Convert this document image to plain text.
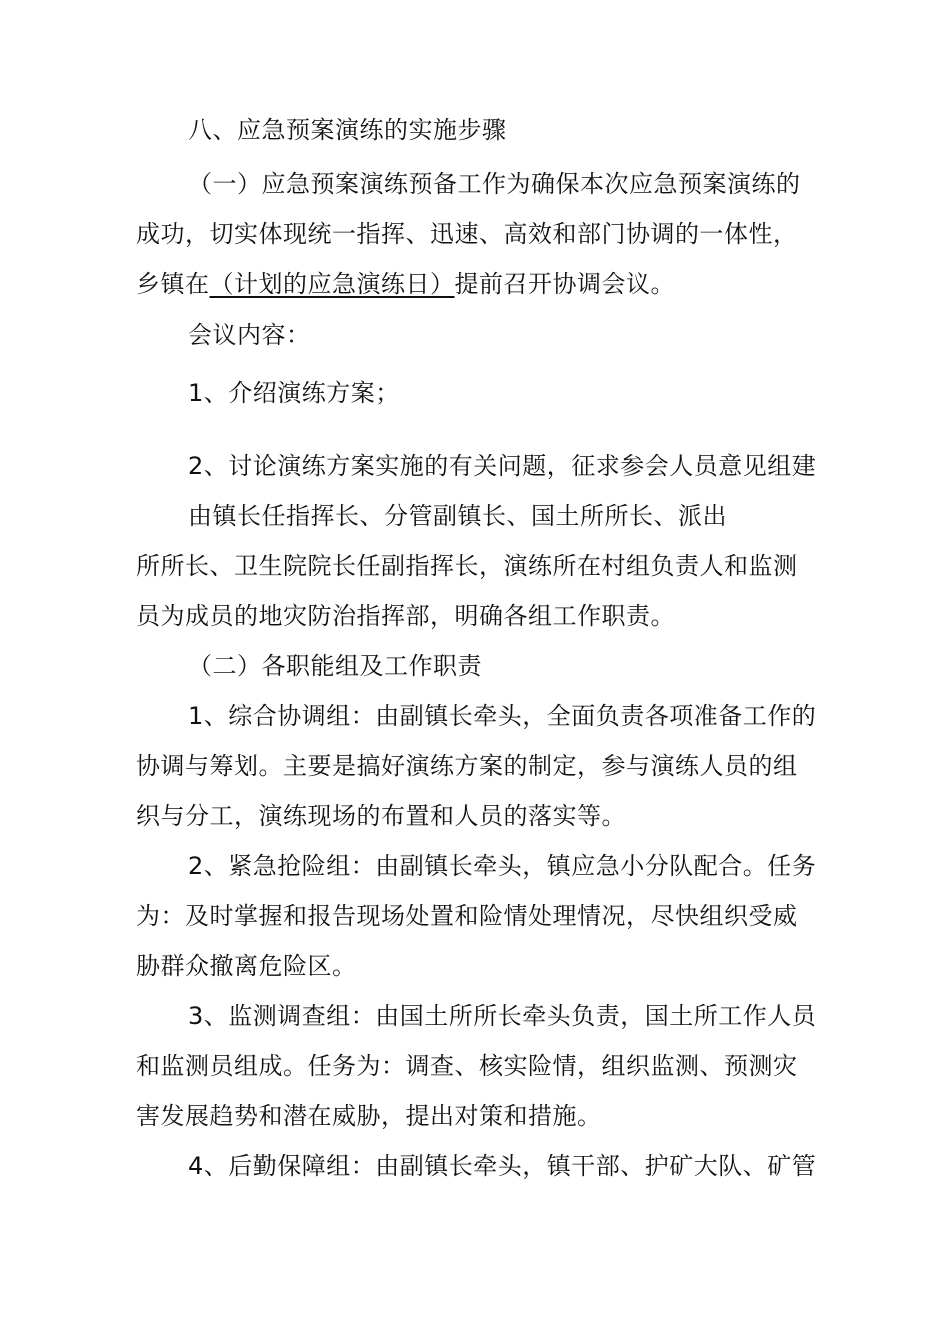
八、应急预案演练的实施步骤
（一）应急预案演练预备工作为确保本次应急预案演练的
成功，切实体现统一指挥、迅速、高效和部门协调的一体性，
乡镇在（计划的应急演练日）提前召开协调会议。
会议内容：
1、介绍演练方案；
2、讨论演练方案实施的有关问题，征求参会人员意见组建
由镇长任指挥长、分管副镇长、国土所所长、派出
所所长、卫生院院长任副指挥长，演练所在村组负责人和监测
员为成员的地灾防治指挥部，明确各组工作职责。
（二）各职能组及工作职责
1、综合协调组：由副镇长牵头，全面负责各项准备工作的
协调与筹划。主要是搞好演练方案的制定，参与演练人员的组
织与分工，演练现场的布置和人员的落实等。
2、紧急抢险组：由副镇长牵头，镇应急小分队配合。任务
为：及时掌握和报告现场处置和险情处理情况，尽快组织受威
胁群众撤离危险区。
3、监测调查组：由国土所所长牵头负责，国土所工作人员
和监测员组成。任务为：调查、核实险情，组织监测、预测灾
害发展趋势和潜在威胁，提出对策和措施。
4、后勤保障组：由副镇长牵头，镇干部、护矿大队、矿管
